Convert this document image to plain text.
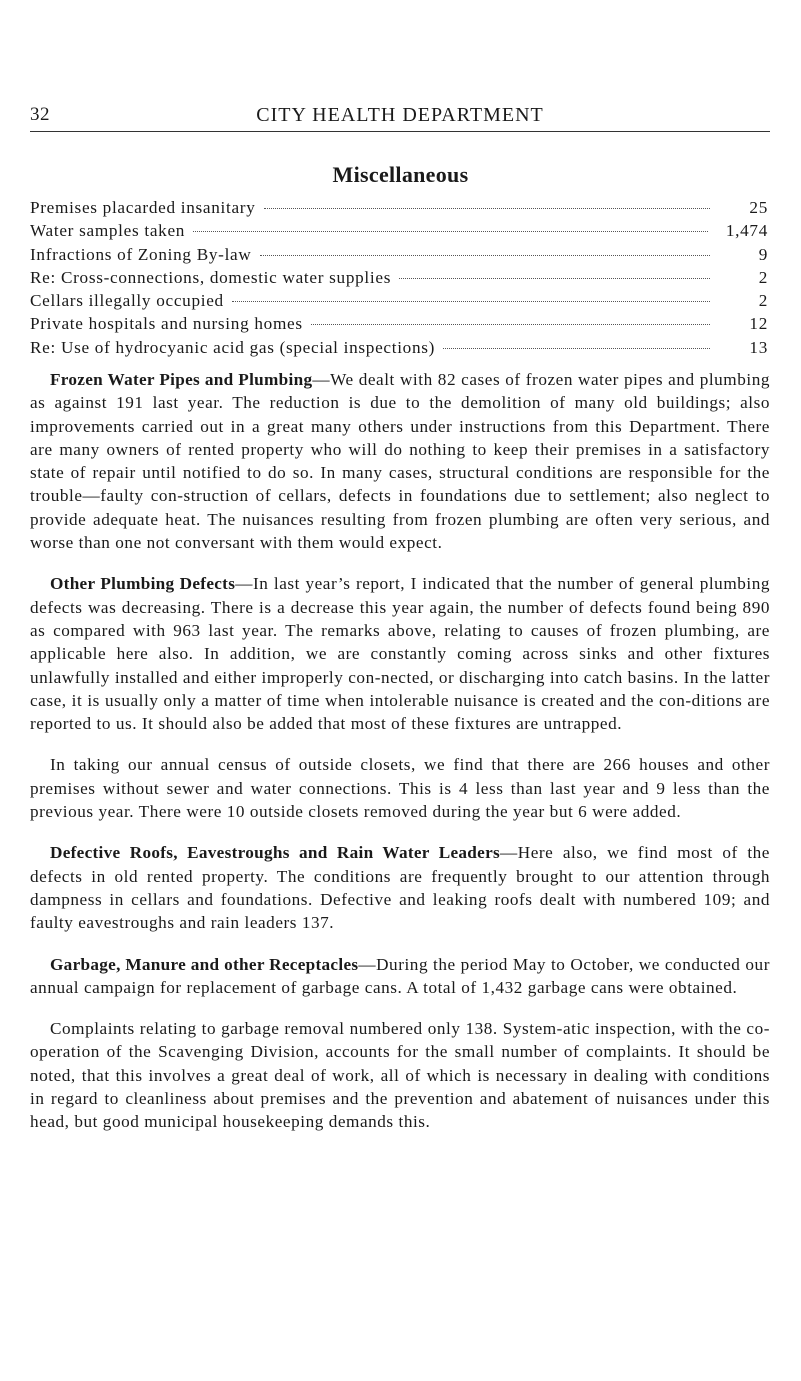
32	CITY HEALTH DEPARTMENT
Miscellaneous
Premises placarded insanitary	25
Water samples taken	1,474
Infractions of Zoning By-law	9
Re: Cross-connections, domestic water supplies	2
Cellars illegally occupied	2
Private hospitals and nursing homes	12
Re: Use of hydrocyanic acid gas (special inspections)	13

Frozen Water Pipes and Plumbing—We dealt with 82 cases of frozen water pipes and plumbing as against 191 last year. The reduction is due to the demolition of many old buildings; also improvements carried out in a great many others under instructions from this Department. There are many owners of rented property who will do nothing to keep their premises in a satisfactory state of repair until notified to do so. In many cases, structural conditions are responsible for the trouble—faulty con-struction of cellars, defects in foundations due to settlement; also neglect to provide adequate heat. The nuisances resulting from frozen plumbing are often very serious, and worse than one not conversant with them would expect.

Other Plumbing Defects—In last year’s report, I indicated that the number of general plumbing defects was decreasing. There is a decrease this year again, the number of defects found being 890 as compared with 963 last year. The remarks above, relating to causes of frozen plumbing, are applicable here also. In addition, we are constantly coming across sinks and other fixtures unlawfully installed and either improperly con-nected, or discharging into catch basins. In the latter case, it is usually only a matter of time when intolerable nuisance is created and the con-ditions are reported to us. It should also be added that most of these fixtures are untrapped.

In taking our annual census of outside closets, we find that there are 266 houses and other premises without sewer and water connections. This is 4 less than last year and 9 less than the previous year. There were 10 outside closets removed during the year but 6 were added.

Defective Roofs, Eavestroughs and Rain Water Leaders—Here also, we find most of the defects in old rented property. The conditions are frequently brought to our attention through dampness in cellars and foundations. Defective and leaking roofs dealt with numbered 109; and faulty eavestroughs and rain leaders 137.

Garbage, Manure and other Receptacles—During the period May to October, we conducted our annual campaign for replacement of garbage cans. A total of 1,432 garbage cans were obtained.

Complaints relating to garbage removal numbered only 138. System-atic inspection, with the co-operation of the Scavenging Division, accounts for the small number of complaints. It should be noted, that this involves a great deal of work, all of which is necessary in dealing with conditions in regard to cleanliness about premises and the prevention and abatement of nuisances under this head, but good municipal housekeeping demands this.
